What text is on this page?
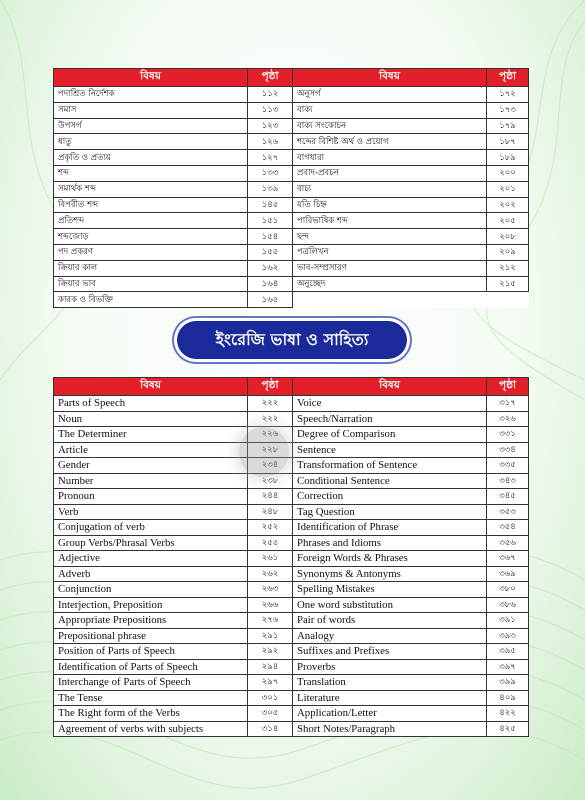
বিষয়	পৃষ্ঠা	বিষয়	পৃষ্ঠা
পদাশ্রিত নির্দেশক	১১২	অনুসর্গ	১৭২
সমাস	১১৩	বাক্য	১৭৩
উপসর্গ	১২৩	বাক্য সংকোচন	১৭৯
ধাতু	১২৬	শব্দের বিশিষ্ট অর্থ ও প্রয়োগ	১৮৭
প্রকৃতি ও প্রত্যয়	১২৭	বাগধারা	১৮৯
শব্দ	১৩৩	প্রবাদ-প্রবচন	২০০
সমার্থক শব্দ	১৩৯	বাচ্য	২০১
বিপরীত শব্দ	১৪৫	যতি চিহ্ন	২০২
প্রতিশব্দ	১৫১	পারিভাষিক শব্দ	২০৫
শব্দজোড়	১৫৪	ছন্দ	২০৮
পদ প্রকরণ	১৫৫	পত্রলিখন	২০৯
ক্রিয়ার কাল	১৬২	ভাব-সম্প্রসারণ	২১২
ক্রিয়ার ভাব	১৬৪	অনুচ্ছেদ	২১৫
কারক ও বিভক্তি	১৬৫		
ইংরেজি ভাষা ও সাহিত্য
বিষয়	পৃষ্ঠা	বিষয়	পৃষ্ঠা
Parts of Speech	২২২	Voice	৩১৭
Noun	২২২	Speech/Narration	৩২৬
The Determiner	২২৬	Degree of Comparison	৩৩১
Article	২২৮	Sentence	৩৩৪
Gender	২৩৪	Transformation of Sentence	৩৩৫
Number	২৩৮	Conditional Sentence	৩৪৩
Pronoun	২৪৪	Correction	৩৪৫
Verb	২৪৮	Tag Question	৩৫৩
Conjugation of verb	২৫২	Identification of Phrase	৩৫৪
Group Verbs/Phrasal Verbs	২৫৫	Phrases and Idioms	৩৫৬
Adjective	২৬১	Foreign Words & Phrases	৩৬৭
Adverb	২৬২	Synonyms & Antonyms	৩৬৯
Conjunction	২৬৩	Spelling Mistakes	৩৮০
Interjection, Preposition	২৬৬	One word substitution	৩৮৬
Appropriate Prepositions	২৭৬	Pair of words	৩৯১
Prepositional phrase	২৯১	Analogy	৩৯৩
Position of Parts of Speech	২৯২	Suffixes and Prefixes	৩৯৫
Identification of Parts of Speech	২৯৪	Proverbs	৩৯৭
Interchange of Parts of Speech	২৯৭	Translation	৩৯৯
The Tense	৩০১	Literature	৪০৯
The Right form of the Verbs	৩০৫	Application/Letter	৪২২
Agreement of verbs with subjects	৩১৪	Short Notes/Paragraph	৪২৫
